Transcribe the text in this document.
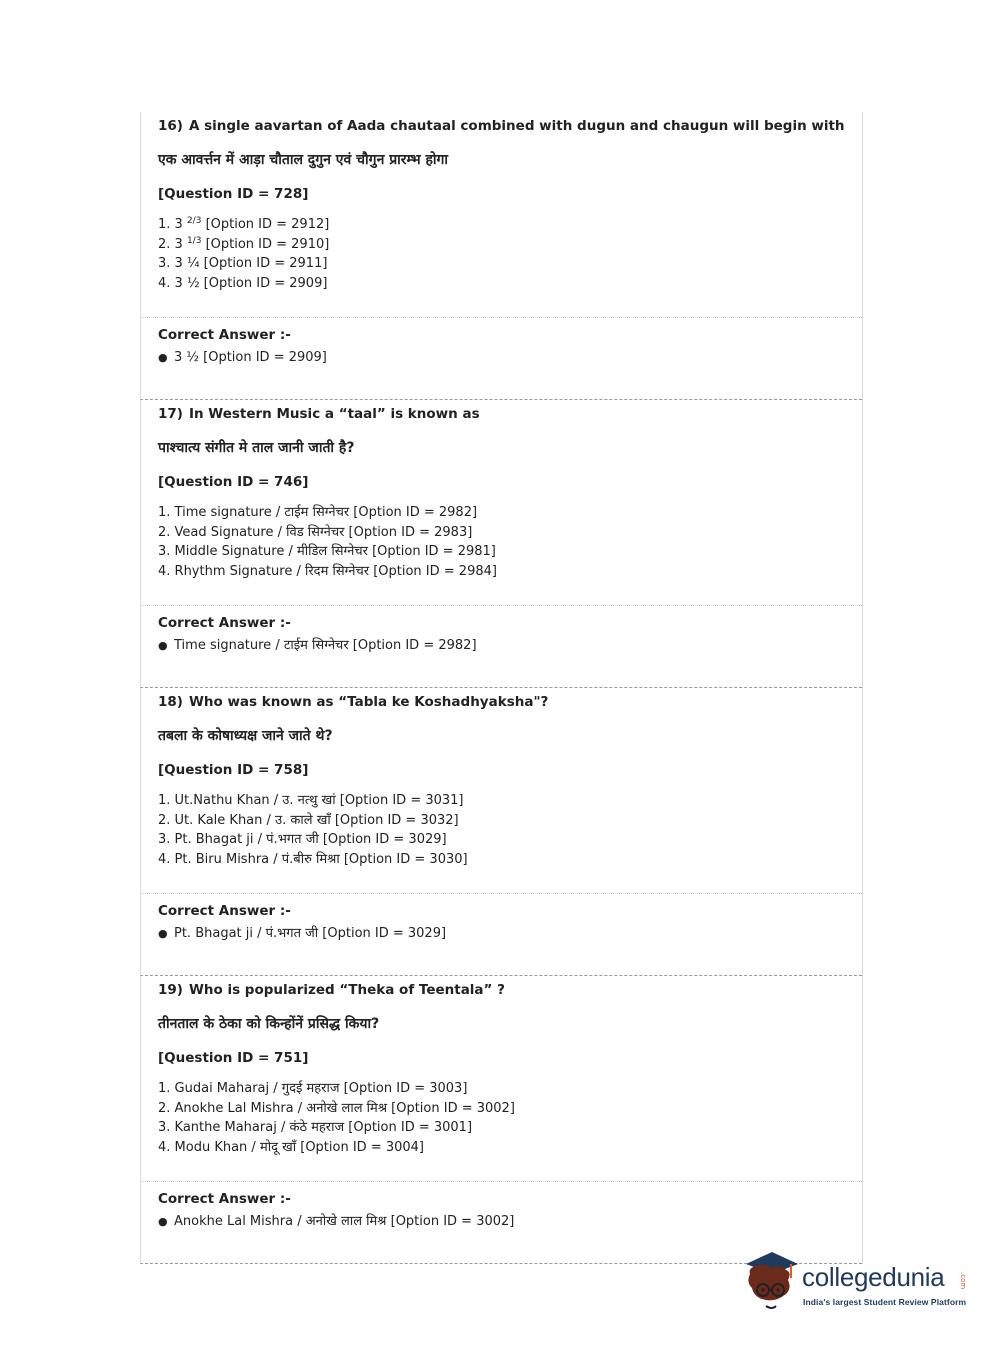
16) A single aavartan of Aada chautaal combined with dugun and chaugun will begin with
एक आवर्त्तन में आड़ा चौताल दुगुन एवं चौगुन प्रारम्भ होगा
[Question ID = 728]
1. 3 $^{2/3}$ [Option ID = 2912]
2. 3 $^{1/3}$ [Option ID = 2910]
3. 3 ¼ [Option ID = 2911]
4. 3 ½ [Option ID = 2909]
Correct Answer :-
● 3 ½ [Option ID = 2909]
17) In Western Music a “taal” is known as
पाश्चात्य संगीत मे ताल जानी जाती है?
[Question ID = 746]
1. Time signature / टाईम सिग्नेचर [Option ID = 2982]
2. Vead Signature / विड सिग्नेचर [Option ID = 2983]
3. Middle Signature / मीडिल सिग्नेचर [Option ID = 2981]
4. Rhythm Signature / रिदम सिग्नेचर [Option ID = 2984]
Correct Answer :-
● Time signature / टाईम सिग्नेचर [Option ID = 2982]
18) Who was known as “Tabla ke Koshadhyaksha"?
तबला के कोषाध्यक्ष जाने जाते थे?
[Question ID = 758]
1. Ut.Nathu Khan / उ. नत्थु खां [Option ID = 3031]
2. Ut. Kale Khan / उ. काले खाँ [Option ID = 3032]
3. Pt. Bhagat ji / पं.भगत जी [Option ID = 3029]
4. Pt. Biru Mishra / पं.बीरु मिश्रा [Option ID = 3030]
Correct Answer :-
● Pt. Bhagat ji / पं.भगत जी [Option ID = 3029]
19) Who is popularized “Theka of Teentala” ?
तीनताल के ठेका को किन्होंनें प्रसिद्ध किया?
[Question ID = 751]
1. Gudai Maharaj / गुदई महराज [Option ID = 3003]
2. Anokhe Lal Mishra / अनोखे लाल मिश्र [Option ID = 3002]
3. Kanthe Maharaj / कंठे महराज [Option ID = 3001]
4. Modu Khan / मोदू खाँ [Option ID = 3004]
Correct Answer :-
● Anokhe Lal Mishra / अनोखे लाल मिश्र [Option ID = 3002]
collegedunia .com
India's largest Student Review Platform
